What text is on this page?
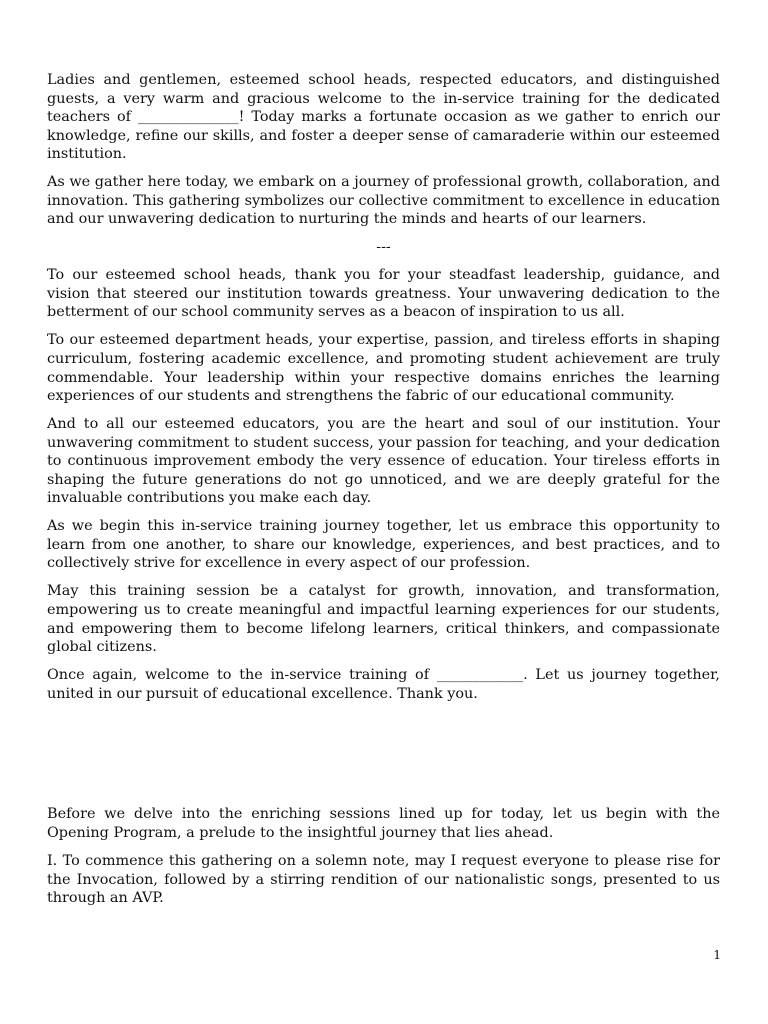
Ladies and gentlemen, esteemed school heads, respected educators, and distinguished guests, a very warm and gracious welcome to the in-service training for the dedicated teachers of ______________! Today marks a fortunate occasion as we gather to enrich our knowledge, refine our skills, and foster a deeper sense of camaraderie within our esteemed institution.

As we gather here today, we embark on a journey of professional growth, collaboration, and innovation. This gathering symbolizes our collective commitment to excellence in education and our unwavering dedication to nurturing the minds and hearts of our learners.

---

To our esteemed school heads, thank you for your steadfast leadership, guidance, and vision that steered our institution towards greatness. Your unwavering dedication to the betterment of our school community serves as a beacon of inspiration to us all.

To our esteemed department heads, your expertise, passion, and tireless efforts in shaping curriculum, fostering academic excellence, and promoting student achievement are truly commendable. Your leadership within your respective domains enriches the learning experiences of our students and strengthens the fabric of our educational community.

And to all our esteemed educators, you are the heart and soul of our institution. Your unwavering commitment to student success, your passion for teaching, and your dedication to continuous improvement embody the very essence of education. Your tireless efforts in shaping the future generations do not go unnoticed, and we are deeply grateful for the invaluable contributions you make each day.

As we begin this in-service training journey together, let us embrace this opportunity to learn from one another, to share our knowledge, experiences, and best practices, and to collectively strive for excellence in every aspect of our profession.

May this training session be a catalyst for growth, innovation, and transformation, empowering us to create meaningful and impactful learning experiences for our students, and empowering them to become lifelong learners, critical thinkers, and compassionate global citizens.

Once again, welcome to the in-service training of ____________. Let us journey together, united in our pursuit of educational excellence. Thank you.

Before we delve into the enriching sessions lined up for today, let us begin with the Opening Program, a prelude to the insightful journey that lies ahead.

I. To commence this gathering on a solemn note, may I request everyone to please rise for the Invocation, followed by a stirring rendition of our nationalistic songs, presented to us through an AVP.

1
